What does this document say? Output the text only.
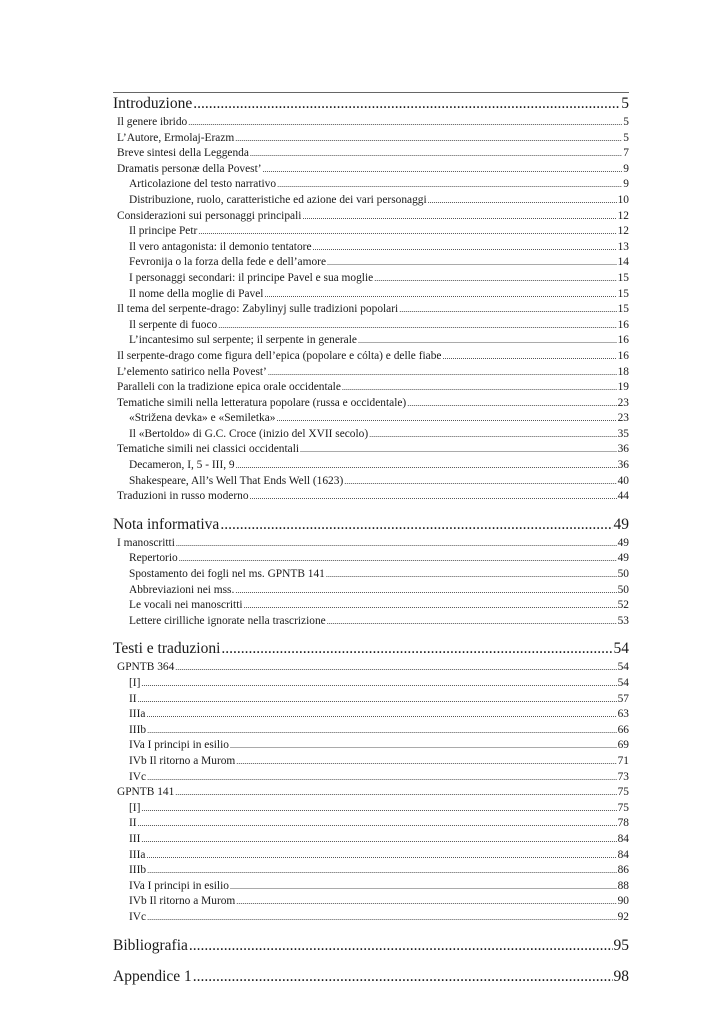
Introduzione .....	5
Il genere ibrido .....	5
L’Autore, Ermolaj-Erazm .....	5
Breve sintesi della Leggenda .....	7
Dramatis personæ della Povest’ .....	9
Articolazione del testo narrativo .....	9
Distribuzione, ruolo, caratteristiche ed azione dei vari personaggi .....	10
Considerazioni sui personaggi principali .....	12
Il principe Petr .....	12
Il vero antagonista: il demonio tentatore .....	13
Fevronija o la forza della fede e dell’amore .....	14
I personaggi secondari: il principe Pavel e sua moglie .....	15
Il nome della moglie di Pavel .....	15
Il tema del serpente-drago: Zabylinyj sulle tradizioni popolari .....	15
Il serpente di fuoco .....	16
L’incantesimo sul serpente; il serpente in generale .....	16
Il serpente-drago come figura dell’epica (popolare e cólta) e delle fiabe .....	16
L’elemento satirico nella Povest’ .....	18
Paralleli con la tradizione epica orale occidentale .....	19
Tematiche simili nella letteratura popolare (russa e occidentale) .....	23
«Striženа devka» e «Semiletka» .....	23
Il «Bertoldo» di G.C. Croce (inizio del XVII secolo) .....	35
Tematiche simili nei classici occidentali .....	36
Decameron, I, 5 - III, 9 .....	36
Shakespeare, All’s Well That Ends Well (1623) .....	40
Traduzioni in russo moderno .....	44
Nota informativa .....	49
I manoscritti .....	49
Repertorio .....	49
Spostamento dei fogli nel ms. GPNTB 141 .....	50
Abbreviazioni nei mss. .....	50
Le vocali nei manoscritti .....	52
Lettere cirilliche ignorate nella trascrizione .....	53
Testi e traduzioni .....	54
GPNTB 364 .....	54
[I] .....	54
II .....	57
IIIa .....	63
IIIb .....	66
IVa I principi in esilio .....	69
IVb Il ritorno a Murom .....	71
IVc .....	73
GPNTB 141 .....	75
[I] .....	75
II .....	78
III .....	84
IIIa .....	84
IIIb .....	86
IVa I principi in esilio .....	88
IVb Il ritorno a Murom .....	90
IVc .....	92
Bibliografia .....	95
Appendice 1 .....	98
